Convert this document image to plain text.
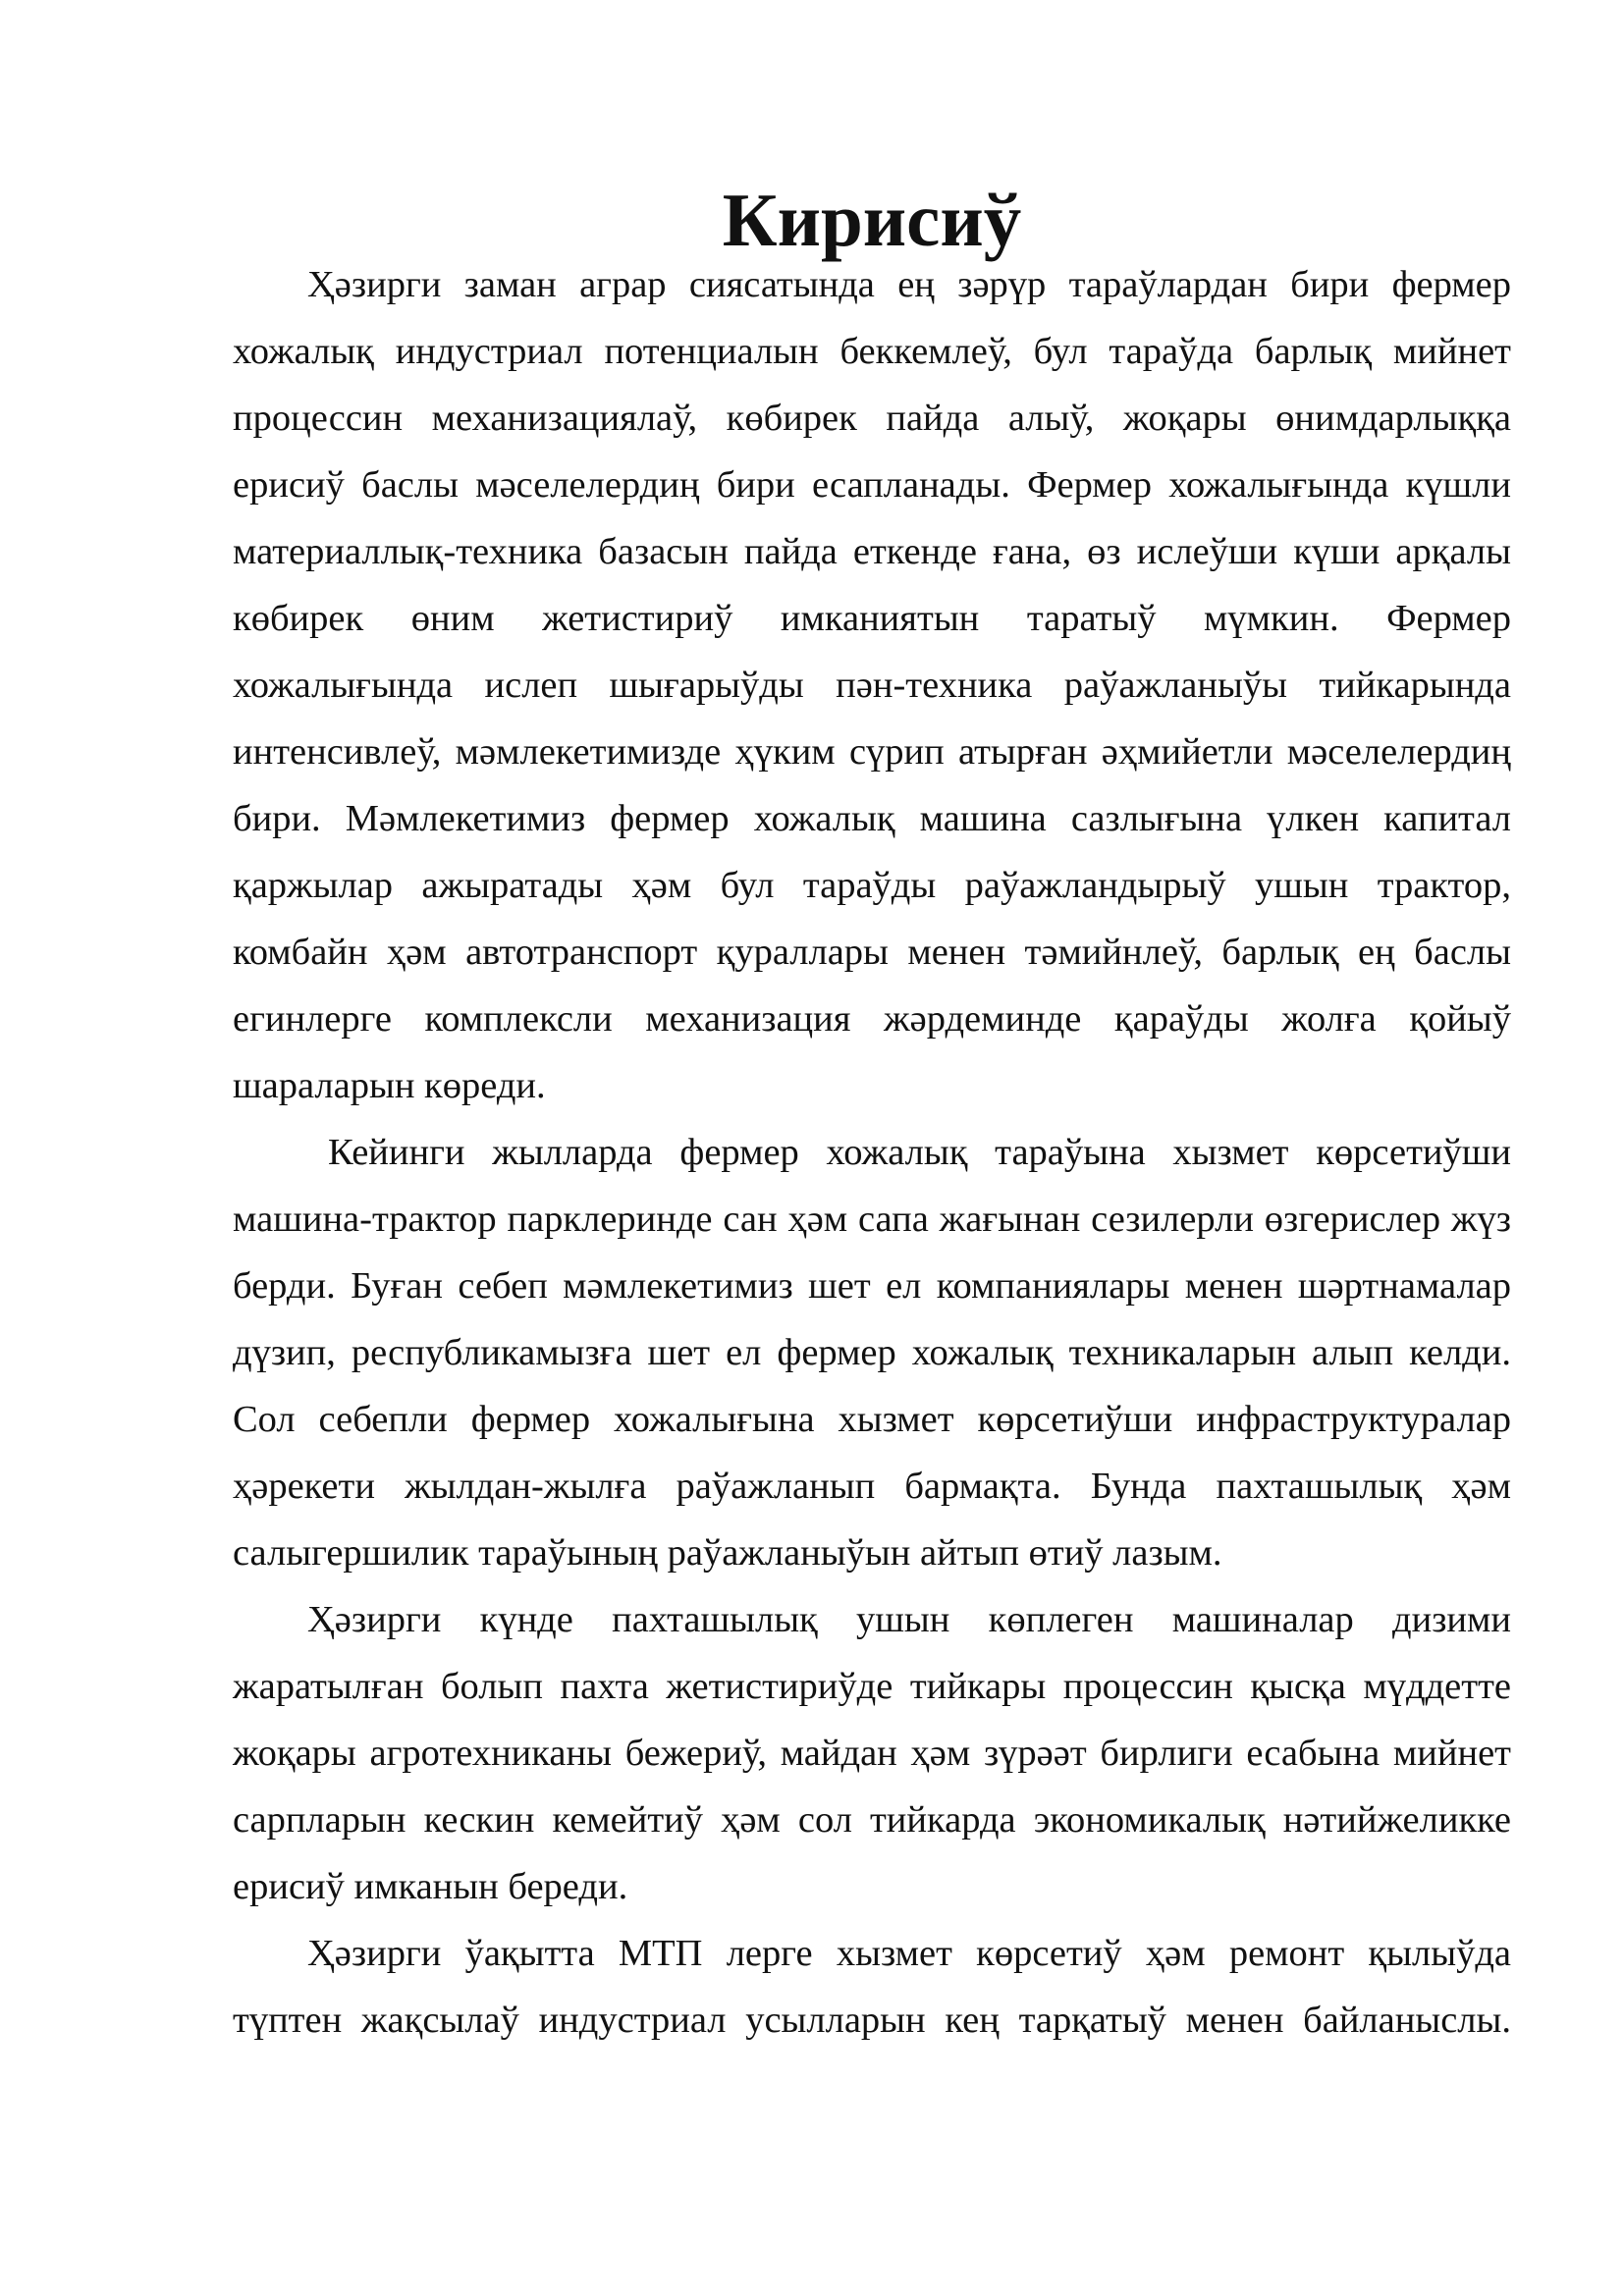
Кирисиў

Ҳәзирги заман аграр сиясатында ең зәрүр тараўлардан бири фермер хожалық индустриал потенциалын беккемлеў, бул тараўда барлық мийнет процессин механизациялаў, көбирек пайда алыў, жоқары өнимдарлыққа ерисиў баслы мәселелердиң бири есапланады. Фермер хожалығында күшли материаллық-техника базасын пайда еткенде ғана, өз ислеўши күши арқалы көбирек өним жетистириў имканиятын таратыў мүмкин. Фермер хожалығында ислеп шығарыўды пән-техника раўажланыўы тийкарында интенсивлеў, мәмлекетимизде ҳүким сүрип атырған әҳмийетли мәселелердиң бири. Мәмлекетимиз фермер хожалық машина сазлығына үлкен капитал қаржылар ажыратады ҳәм бул тараўды раўажландырыў ушын трактор, комбайн ҳәм автотранспорт қураллары менен тәмийнлеў, барлық ең баслы егинлерге комплексли механизация жәрдеминде қараўды жолға қойыў шараларын көреди.

Кейинги жылларда фермер хожалық тараўына хызмет көрсетиўши машина-трактор парклеринде сан ҳәм сапа жағынан сезилерли өзгерислер жүз берди. Буған себеп мәмлекетимиз шет ел компаниялары менен шәртнамалар дүзип, республикамызға шет ел фермер хожалық техникаларын алып келди. Сол себепли фермер хожалығына хызмет көрсетиўши инфраструктуралар ҳәрекети жылдан-жылға раўажланып бармақта. Бунда пахташылық ҳәм салыгершилик тараўының раўажланыўын айтып өтиў лазым.

Ҳәзирги күнде пахташылық ушын көплеген машиналар дизими жаратылған болып пахта жетистириўде тийкары процессин қысқа мүддетте жоқары агротехниканы бежериў, майдан ҳәм зүрәәт бирлиги есабына мийнет сарпларын кескин кемейтиў ҳәм сол тийкарда экономикалық нәтийжеликке ерисиў имканын береди.

Ҳәзирги ўақытта МТП лерге хызмет көрсетиў ҳәм ремонт қылыўда түптен жақсылаў индустриал усылларын кең тарқатыў менен байланыслы.
